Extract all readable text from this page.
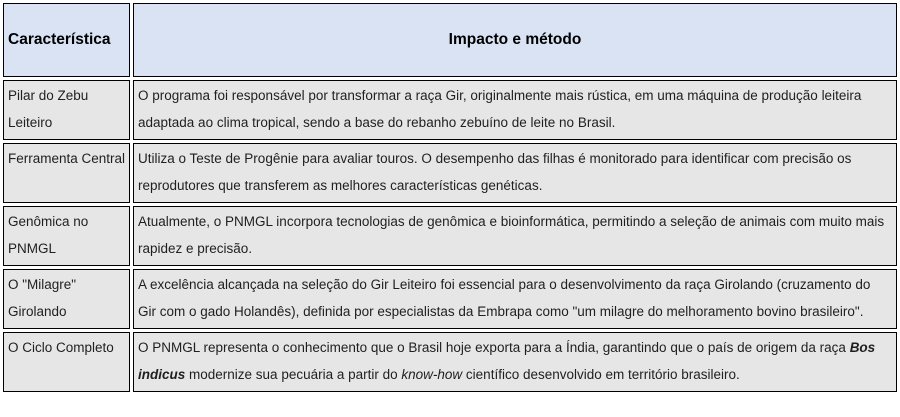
Característica	Impacto e método
Pilar do Zebu Leiteiro	O programa foi responsável por transformar a raça Gir, originalmente mais rústica, em uma máquina de produção leiteira adaptada ao clima tropical, sendo a base do rebanho zebuíno de leite no Brasil.
Ferramenta Central	Utiliza o Teste de Progênie para avaliar touros. O desempenho das filhas é monitorado para identificar com precisão os reprodutores que transferem as melhores características genéticas.
Genômica no PNMGL	Atualmente, o PNMGL incorpora tecnologias de genômica e bioinformática, permitindo a seleção de animais com muito mais rapidez e precisão.
O "Milagre" Girolando	A excelência alcançada na seleção do Gir Leiteiro foi essencial para o desenvolvimento da raça Girolando (cruzamento do Gir com o gado Holandês), definida por especialistas da Embrapa como "um milagre do melhoramento bovino brasileiro".
O Ciclo Completo	O PNMGL representa o conhecimento que o Brasil hoje exporta para a Índia, garantindo que o país de origem da raça Bos indicus modernize sua pecuária a partir do know-how científico desenvolvido em território brasileiro.
